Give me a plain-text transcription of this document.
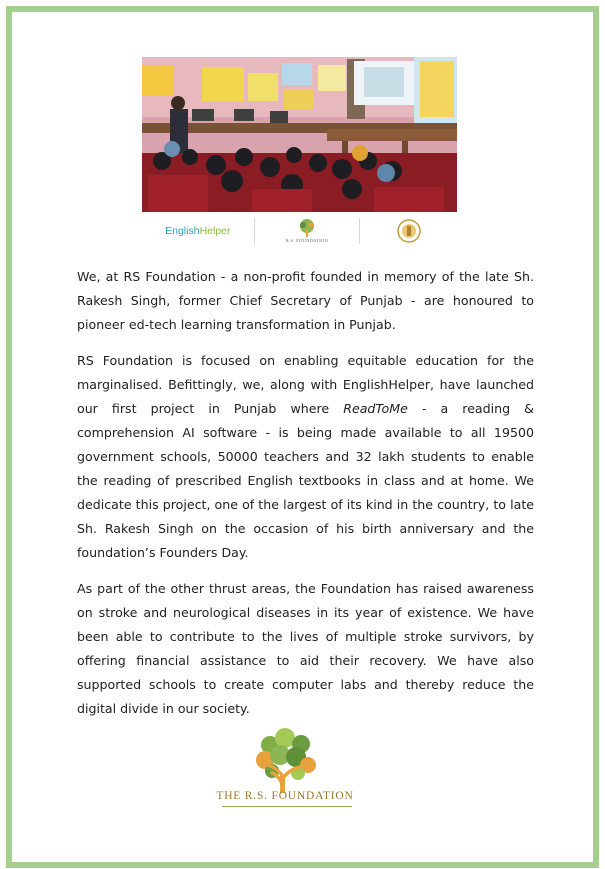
EnglishHelper
R.S. FOUNDATION

We, at RS Foundation - a non-profit founded in memory of the late Sh. Rakesh Singh, former Chief Secretary of Punjab - are honoured to pioneer ed-tech learning transformation in Punjab.

RS Foundation is focused on enabling equitable education for the marginalised. Befittingly, we, along with EnglishHelper, have launched our first project in Punjab where ReadToMe - a reading & comprehension AI software - is being made available to all 19500 government schools, 50000 teachers and 32 lakh students to enable the reading of prescribed English textbooks in class and at home. We dedicate this project, one of the largest of its kind in the country, to late Sh. Rakesh Singh on the occasion of his birth anniversary and the foundation’s Founders Day.

As part of the other thrust areas, the Foundation has raised awareness on stroke and neurological diseases in its year of existence. We have been able to contribute to the lives of multiple stroke survivors, by offering financial assistance to aid their recovery. We have also supported schools to create computer labs and thereby reduce the digital divide in our society.

THE R.S. FOUNDATION
